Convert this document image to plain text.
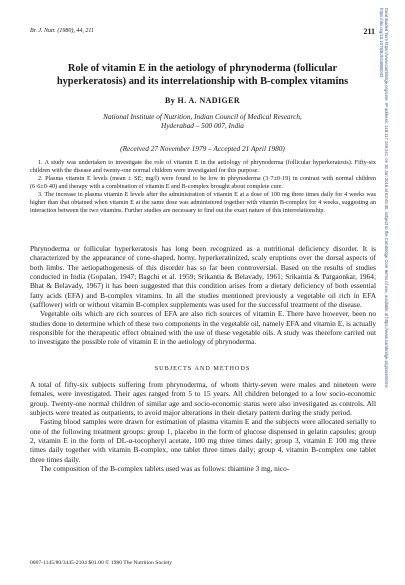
Br. J. Nutr. (1980), 44, 211	211 Downloaded from https://www.cambridge.org/core. IP address: 118.117.169.241, on 30 Jan 2019 at 03:45:30, subject to the Cambridge Core terms of use, available at https://www.cambridge.org/core/terms.
https://doi.org/10.1079/BJN19800033
Role of vitamin E in the aetiology of phrynoderma (follicular hyperkeratosis) and its interrelationship with B-complex vitamins
By H. A. NADIGER
National Institute of Nutrition, Indian Council of Medical Research,
Hyderabad – 500 007, India
(Received 27 November 1979 – Accepted 21 April 1980)

1. A study was undertaken to investigate the role of vitamin E in the aetiology of phrynoderma (follicular hyperkeratosis). Fifty-six children with the disease and twenty-one normal children were investigated for this purpose.

2. Plasma vitamin E levels (mean ± SE; mg/l) were found to be low in phrynoderma (3·7±0·19) in contrast with normal children (6·6±0·40) and therapy with a combination of vitamin E and B-complex brought about complete cure.

3. The increase in plasma vitamin E levels after the administration of vitamin E at a dose of 100 mg three times daily for 4 weeks was higher than that obtained when vitamin E at the same dose was administered together with vitamin B-complex for 4 weeks, suggesting an interaction between the two vitamins. Further studies are necessary to find out the exact nature of this interrelationship.

Phrynoderma or follicular hyperkeratosis has long been recognized as a nutritional deficiency disorder. It is characterized by the appearance of cone-shaped, horny, hyperkeratinized, scaly eruptions over the dorsal aspects of both limbs. The aetiopathogenesis of this disorder has so far been controversial. Based on the results of studies conducted in India (Gopalan, 1947; Bagchi et al. 1959; Srikantia & Belavady, 1961; Srikantia & Pargaonkar, 1964; Bhat & Belavady, 1967) it has been suggested that this condition arises from a dietary deficiency of both essential fatty acids (EFA) and B-complex vitamins. In all the studies mentioned previously a vegetable oil rich in EFA (safflower) with or without vitamin B-complex supplements was used for the successful treatment of the disease.

Vegetable oils which are rich sources of EFA are also rich sources of vitamin E. There have however, been no studies done to determine which of these two components in the vegetable oil, namely EFA and vitamin E, is actually responsible for the therapeutic effect obtained with the use of these vegetable oils. A study was therefore carried out to investigate the possible role of vitamin E in the aetiology of phrynoderma.

SUBJECTS AND METHODS

A total of fifty-six subjects suffering from phrynoderma, of whom thirty-seven were males and nineteen were females, were investigated. Their ages ranged from 5 to 15 years. All children belonged to a low socio-economic group. Twenty-one normal children of similar age and socio-economic status were also investigated as controls. All subjects were treated as outpatients, to avoid major alterations in their dietary pattern during the study period.

Fasting blood samples were drawn for estimation of plasma vitamin E and the subjects were allocated serially to one of the following treatment groups: group 1, placebo in the form of glucose dispensed in gelatin capsules; group 2, vitamin E in the form of DL-α-tocopheryl acetate, 100 mg three times daily; group 3, vitamin E 100 mg three times daily together with vitamin B-complex, one tablet three times daily; group 4, vitamin B-complex one tablet three times daily.

The composition of the B-complex tablets used was as follows: thiamine 3 mg, nico-

0007-1145/80/3445-2104 $01.00 © 1980 The Nutrition Society
